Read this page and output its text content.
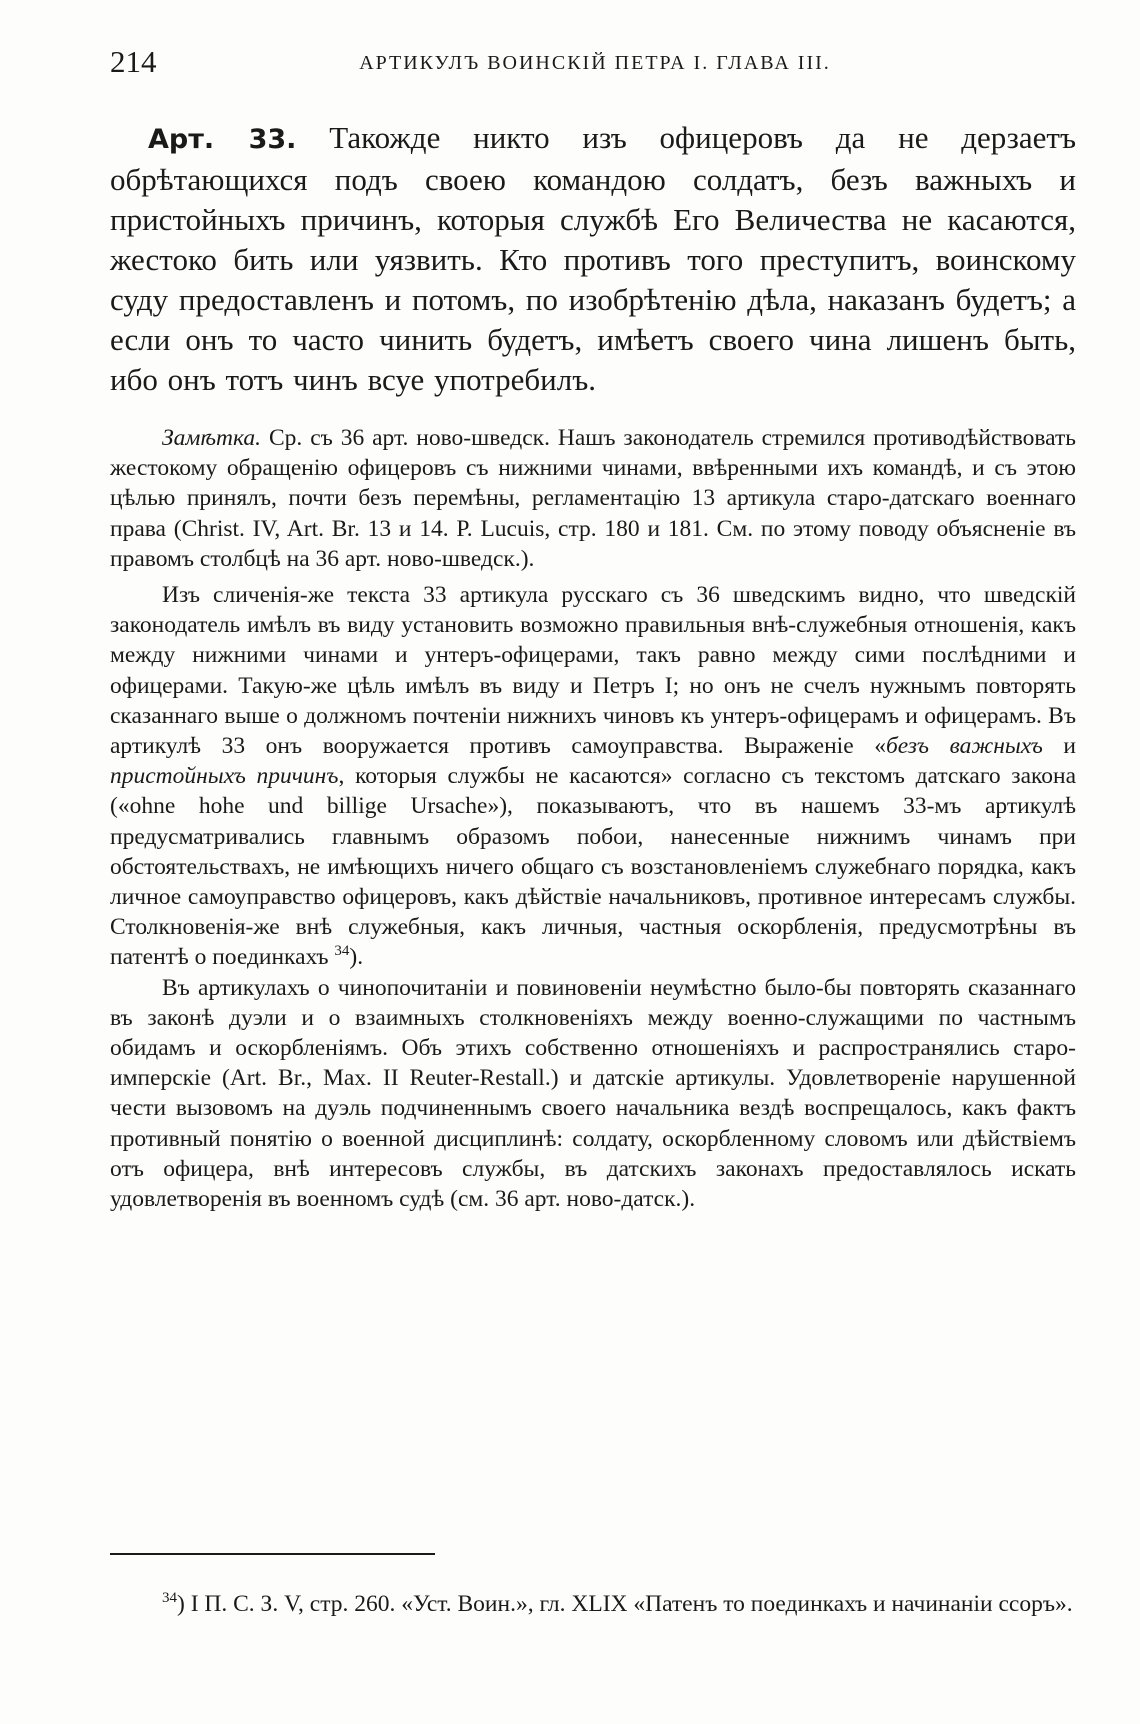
214	АРТИКУЛЪ ВОИНСКІЙ ПЕТРА I. ГЛАВА III.

Арт. 33. Такожде никто изъ офицеровъ да не дерзаетъ обрѣтающихся подъ своею командою солдатъ, безъ важныхъ и пристойныхъ причинъ, которыя службѣ Его Величества не касаются, жестоко бить или уязвить. Кто противъ того преступитъ, воинскому суду предоставленъ и потомъ, по изобрѣтенію дѣла, наказанъ будетъ; а если онъ то часто чинить будетъ, имѣетъ своего чина лишенъ быть, ибо онъ тотъ чинъ всуе употребилъ.

Замѣтка. Ср. съ 36 арт. ново-шведск. Нашъ законодатель стремился противодѣйствовать жестокому обращенію офицеровъ съ нижними чинами, ввѣренными ихъ командѣ, и съ этою цѣлью принялъ, почти безъ перемѣны, регламентацію 13 артикула старо-датскаго военнаго права (Christ. IV, Art. Br. 13 и 14. P. Lucuis, стр. 180 и 181. См. по этому поводу объясненіе въ правомъ столбцѣ на 36 арт. ново-шведск.).

Изъ сличенія-же текста 33 артикула русскаго съ 36 шведскимъ видно, что шведскій законодатель имѣлъ въ виду установить возможно правильныя внѣ-служебныя отношенія, какъ между нижними чинами и унтеръ-офицерами, такъ равно между сими послѣдними и офицерами. Такую-же цѣль имѣлъ въ виду и Петръ I; но онъ не счелъ нужнымъ повторять сказаннаго выше о должномъ почтеніи нижнихъ чиновъ къ унтеръ-офицерамъ и офицерамъ. Въ артикулѣ 33 онъ вооружается противъ самоуправства. Выраженіе «безъ важныхъ и пристойныхъ причинъ, которыя службы не касаются» согласно съ текстомъ датскаго закона («ohne hohe und billige Ursache»), показываютъ, что въ нашемъ 33-мъ артикулѣ предусматривались главнымъ образомъ побои, нанесенные нижнимъ чинамъ при обстоятельствахъ, не имѣющихъ ничего общаго съ возстановленіемъ служебнаго порядка, какъ личное самоуправство офицеровъ, какъ дѣйствіе начальниковъ, противное интересамъ службы. Столкновенія-же внѣ служебныя, какъ личныя, частныя оскорбленія, предусмотрѣны въ патентѣ о поединкахъ $^{34}$).

Въ артикулахъ о чинопочитаніи и повиновеніи неумѣстно было-бы повторять сказаннаго въ законѣ дуэли и о взаимныхъ столкновеніяхъ между военно-служащими по частнымъ обидамъ и оскорбленіямъ. Объ этихъ собственно отношеніяхъ и распространялись старо-имперскіе (Art. Br., Max. II Reuter-Restall.) и датскіе артикулы. Удовлетвореніе нарушенной чести вызовомъ на дуэль подчиненнымъ своего начальника вездѣ воспрещалось, какъ фактъ противный понятію о военной дисциплинѣ: солдату, оскорбленному словомъ или дѣйствіемъ отъ офицера, внѣ интересовъ службы, въ датскихъ законахъ предоставлялось искать удовлетворенія въ военномъ судѣ (см. 36 арт. ново-датск.).

$^{34}$) I П. С. З. V, стр. 260. «Уст. Воин.», гл. XLIX «Патенъ то поединкахъ и начинаніи ссоръ».
